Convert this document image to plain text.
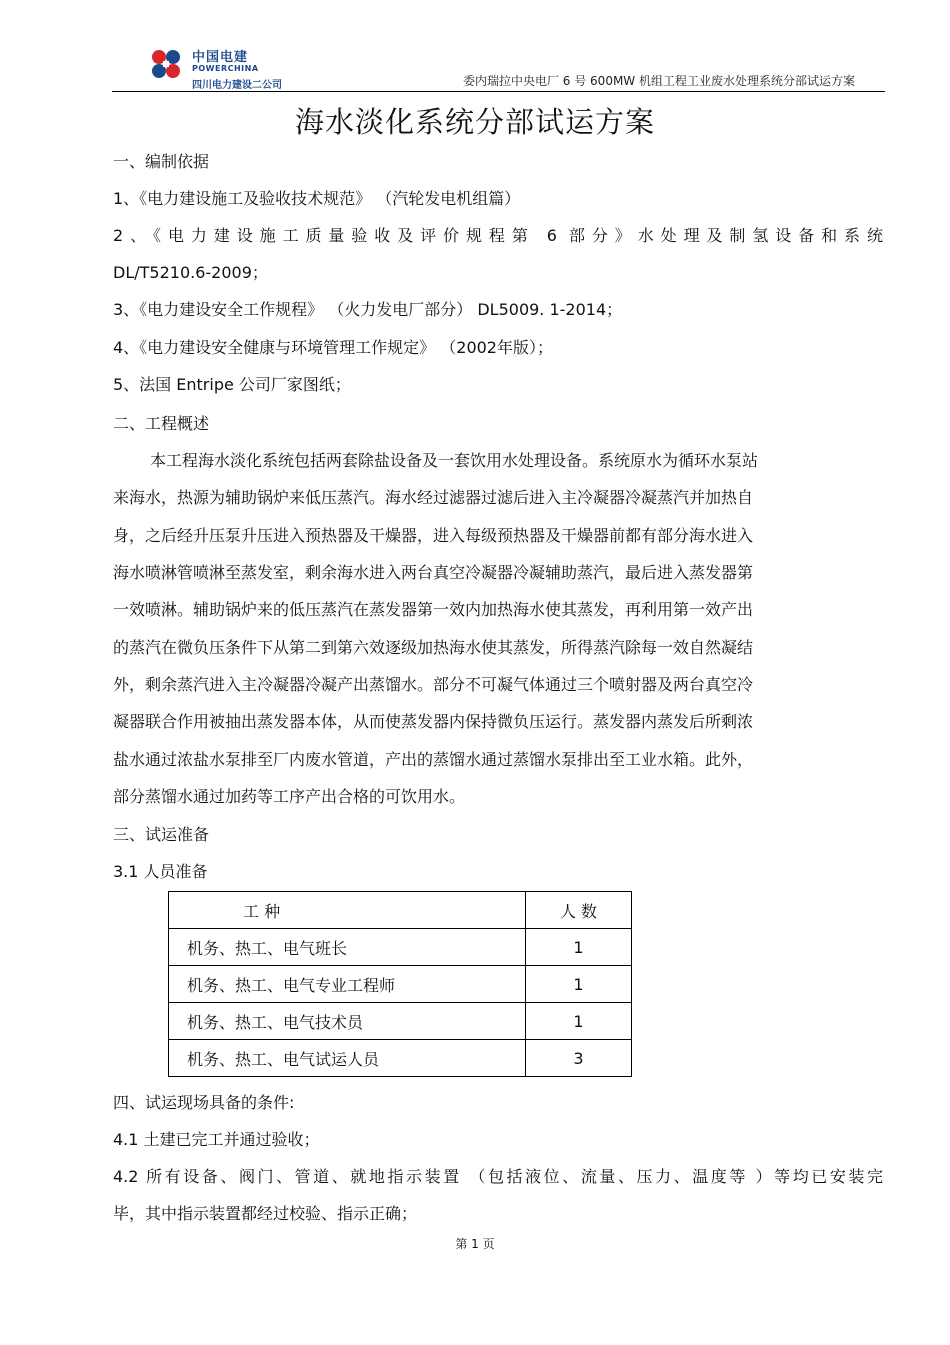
中国电建
POWERCHINA
四川电力建设二公司	委内瑞拉中央电厂 6 号 600MW 机组工程工业废水处理系统分部试运方案
海水淡化系统分部试运方案
一、编制依据
1、《电力建设施工及验收技术规范》 （汽轮发电机组篇）
2、《电力建设施工质量验收及评价规程第 6 部分》水处理及制氢设备和系统
DL/T5210.6-2009；
3、《电力建设安全工作规程》 （火力发电厂部分） DL5009. 1-2014；
4、《电力建设安全健康与环境管理工作规定》 （2002年版）；
5、法国 Entripe 公司厂家图纸；
二、工程概述
本工程海水淡化系统包括两套除盐设备及一套饮用水处理设备。系统原水为循环水泵站
来海水，热源为辅助锅炉来低压蒸汽。海水经过滤器过滤后进入主冷凝器冷凝蒸汽并加热自
身，之后经升压泵升压进入预热器及干燥器，进入每级预热器及干燥器前都有部分海水进入
海水喷淋管喷淋至蒸发室，剩余海水进入两台真空冷凝器冷凝辅助蒸汽，最后进入蒸发器第
一效喷淋。辅助锅炉来的低压蒸汽在蒸发器第一效内加热海水使其蒸发，再利用第一效产出
的蒸汽在微负压条件下从第二到第六效逐级加热海水使其蒸发，所得蒸汽除每一效自然凝结
外，剩余蒸汽进入主冷凝器冷凝产出蒸馏水。部分不可凝气体通过三个喷射器及两台真空冷
凝器联合作用被抽出蒸发器本体，从而使蒸发器内保持微负压运行。蒸发器内蒸发后所剩浓
盐水通过浓盐水泵排至厂内废水管道，产出的蒸馏水通过蒸馏水泵排出至工业水箱。此外，
部分蒸馏水通过加药等工序产出合格的可饮用水。
三、试运准备
3.1 人员准备
工 种	人 数
机务、热工、电气班长	1
机务、热工、电气专业工程师	1
机务、热工、电气技术员	1
机务、热工、电气试运人员	3
四、试运现场具备的条件:
4.1 土建已完工并通过验收；
4.2 所有设备、阀门、管道、就地指示装置 （包括液位、流量、压力、温度等 ）等均已安装完
毕，其中指示装置都经过校验、指示正确；
第 1 页
